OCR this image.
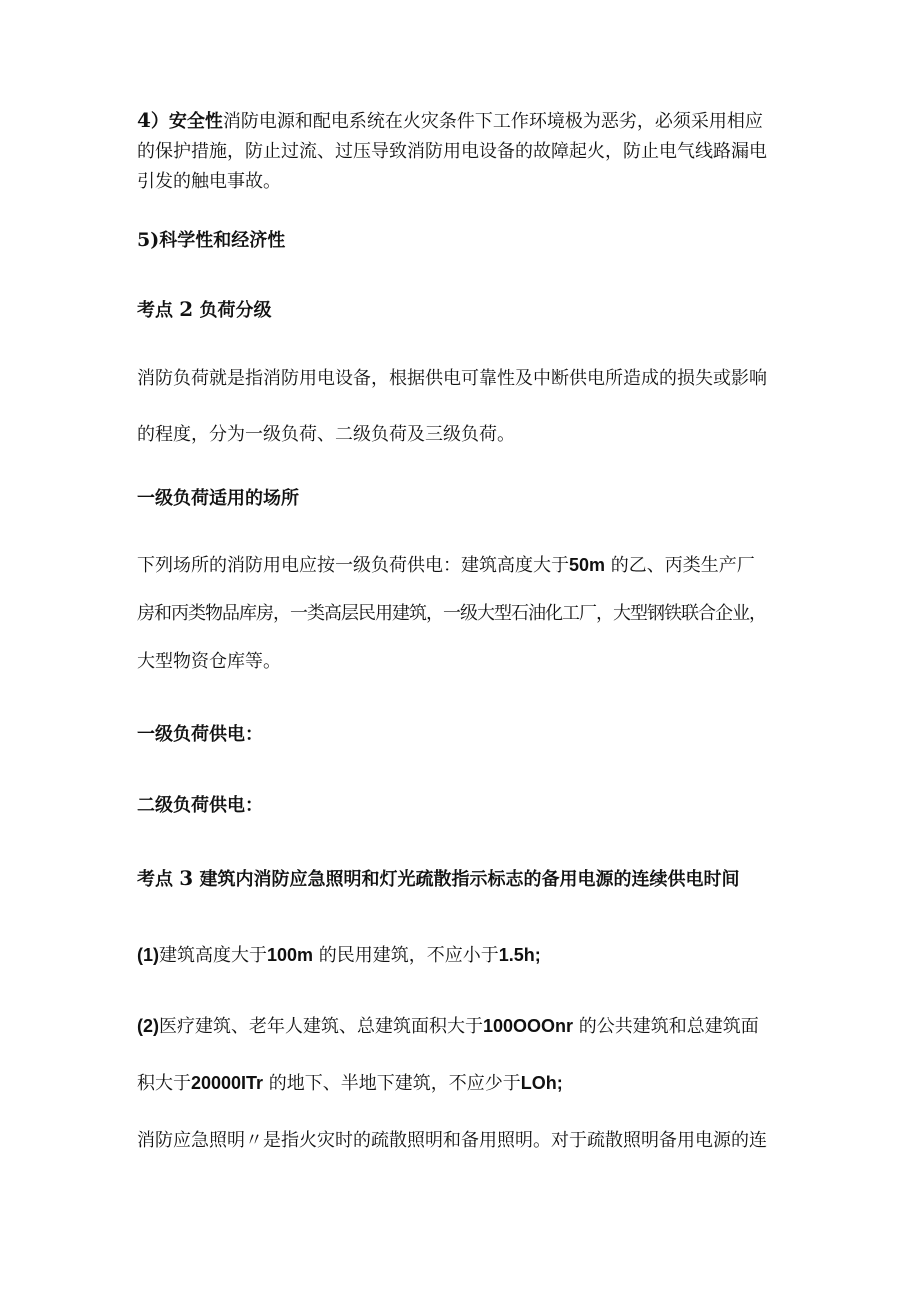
4）安全性消防电源和配电系统在火灾条件下工作环境极为恶劣，必须采用相应
的保护措施，防止过流、过压导致消防用电设备的故障起火，防止电气线路漏电
引发的触电事故。
5)科学性和经济性
考点 2 负荷分级
消防负荷就是指消防用电设备，根据供电可靠性及中断供电所造成的损失或影响
的程度，分为一级负荷、二级负荷及三级负荷。
一级负荷适用的场所
下列场所的消防用电应按一级负荷供电：建筑高度大于50m 的乙、丙类生产厂
房和丙类物品库房，一类高层民用建筑，一级大型石油化工厂，大型钢铁联合企业，
大型物资仓库等。
一级负荷供电：
二级负荷供电：
考点 3 建筑内消防应急照明和灯光疏散指示标志的备用电源的连续供电时间
(1)建筑高度大于100m 的民用建筑，不应小于1.5h;
(2)医疗建筑、老年人建筑、总建筑面积大于100OOOnr 的公共建筑和总建筑面
积大于20000ITr 的地下、半地下建筑，不应少于LOh;
消防应急照明〃是指火灾时的疏散照明和备用照明。对于疏散照明备用电源的连
